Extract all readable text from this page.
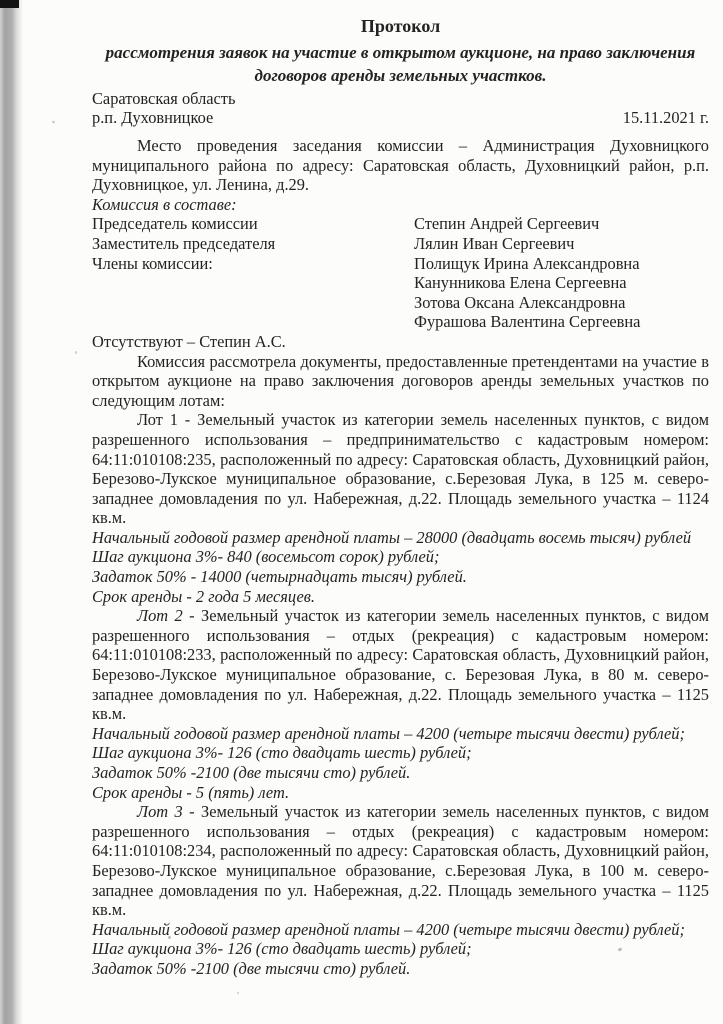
Протокол
рассмотрения заявок на участие в открытом аукционе, на право заключения
договоров аренды земельных участков.
Саратовская область
р.п. Духовницкое	15.11.2021 г.

Место проведения заседания комиссии – Администрация Духовницкого муниципального района по адресу: Саратовская область, Духовницкий район, р.п. Духовницкое, ул. Ленина, д.29.

Комиссия в составе:

Председатель комиссии	Степин Андрей Сергеевич
Заместитель председателя	Лялин Иван Сергеевич
Члены комиссии:	Полищук Ирина Александровна
Канунникова Елена Сергеевна
Зотова Оксана Александровна
Фурашова Валентина Сергеевна

Отсутствуют – Степин А.С.

Комиссия рассмотрела документы, предоставленные претендентами на участие в открытом аукционе на право заключения договоров аренды земельных участков по следующим лотам:

Лот 1 - Земельный участок из категории земель населенных пунктов, с видом разрешенного использования – предпринимательство с кадастровым номером: 64:11:010108:235, расположенный по адресу: Саратовская область, Духовницкий район, Березово-Лукское муниципальное образование, с.Березовая Лука, в 125 м. северо-западнее домовладения по ул. Набережная, д.22. Площадь земельного участка – 1124 кв.м.

Начальный годовой размер арендной платы – 28000 (двадцать восемь тысяч) рублей

Шаг аукциона 3%- 840 (восемьсот сорок) рублей;

Задаток 50% - 14000 (четырнадцать тысяч) рублей.

Срок аренды - 2 года 5 месяцев.

Лот 2 - Земельный участок из категории земель населенных пунктов, с видом разрешенного использования – отдых (рекреация) с кадастровым номером: 64:11:010108:233, расположенный по адресу: Саратовская область, Духовницкий район, Березово-Лукское муниципальное образование, с. Березовая Лука, в 80 м. северо-западнее домовладения по ул. Набережная, д.22. Площадь земельного участка – 1125 кв.м.

Начальный годовой размер арендной платы – 4200 (четыре тысячи двести) рублей;

Шаг аукциона 3%- 126 (сто двадцать шесть) рублей;

Задаток 50% -2100 (две тысячи сто) рублей.

Срок аренды - 5 (пять) лет.

Лот 3 - Земельный участок из категории земель населенных пунктов, с видом разрешенного использования – отдых (рекреация) с кадастровым номером: 64:11:010108:234, расположенный по адресу: Саратовская область, Духовницкий район, Березово-Лукское муниципальное образование, с.Березовая Лука, в 100 м. северо-западнее домовладения по ул. Набережная, д.22. Площадь земельного участка – 1125 кв.м.

Начальный годовой размер арендной платы – 4200 (четыре тысячи двести) рублей;

Шаг аукциона 3%- 126 (сто двадцать шесть) рублей;

Задаток 50% -2100 (две тысячи сто) рублей.
